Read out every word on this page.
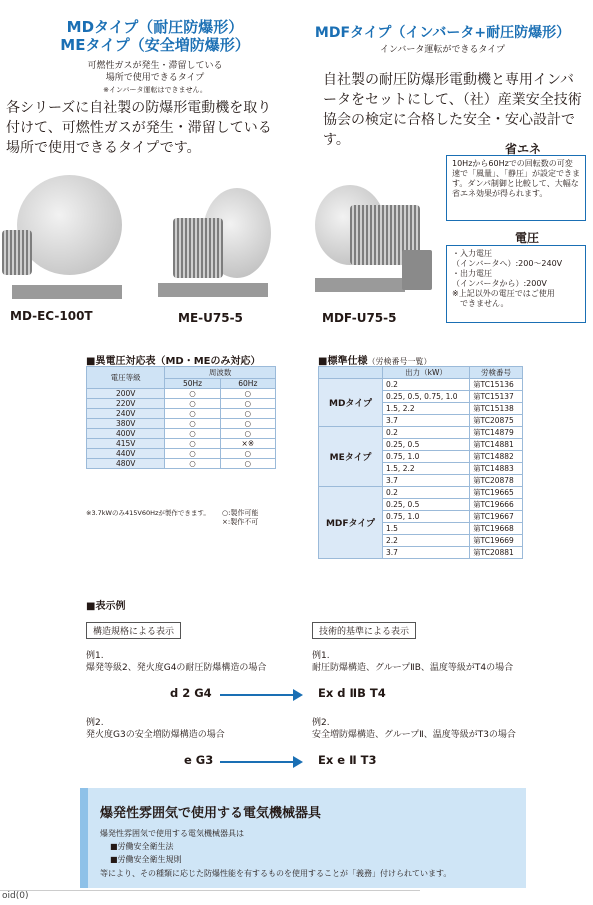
MDタイプ（耐圧防爆形）
MEタイプ（安全増防爆形）
可燃性ガスが発生・滞留している
場所で使用できるタイプ
※インバータ運転はできません。
各シリーズに自社製の防爆形電動機を取り付けて、可燃性ガスが発生・滞留している場所で使用できるタイプです。
MDFタイプ（インバータ+耐圧防爆形）
インバータ運転ができるタイプ
自社製の耐圧防爆形電動機と専用インバータをセットにして、（社）産業安全技術協会の検定に合格した安全・安心設計です。
MD-EC-100T	ME-U75-5	MDF-U75-5
省エネ
10Hzから60Hzでの回転数の可変速で「風量」、「静圧」が設定できます。ダンパ制御と比較して、大幅な省エネ効果が得られます。
電圧
・入力電圧
（インバータへ）:200〜240V
・出力電圧
（インバータから）:200V
※上記以外の電圧ではご使用
できません。
■異電圧対応表（MD・MEのみ対応）
電圧等級	周波数	
	50Hz	60Hz
200V	○	○
220V	○	○
240V	○	○
380V	○	○
400V	○	○
415V	○	×※
440V	○	○
480V	○	○
※3.7kWのみ415V60Hzが製作できます。 ○:製作可能
×:製作不可
■標準仕様（労検番号一覧）
	出力（kW）	労検番号
MDタイプ	0.2	第TC15136
	0.25, 0.5, 0.75, 1.0	第TC15137
	1.5, 2.2	第TC15138
	3.7	第TC20875
MEタイプ	0.2	第TC14879
	0.25, 0.5	第TC14881
	0.75, 1.0	第TC14882
	1.5, 2.2	第TC14883
	3.7	第TC20878
MDFタイプ	0.2	第TC19665
	0.25, 0.5	第TC19666
	0.75, 1.0	第TC19667
	1.5	第TC19668
	2.2	第TC19669
	3.7	第TC20881
■表示例
構造規格による表示	技術的基準による表示
例1.
爆発等級2、発火度G4の耐圧防爆構造の場合
例1.
耐圧防爆構造、グループⅡB、温度等級がT4の場合
d 2 G4	Ex d ⅡB T4
例2.
発火度G3の安全増防爆構造の場合
例2.
安全増防爆構造、グループⅡ、温度等級がT3の場合
e G3	Ex e Ⅱ T3
爆発性雰囲気で使用する電気機械器具
爆発性雰囲気で使用する電気機械器具は
■労働安全衛生法
■労働安全衛生規則
等により、その種類に応じた防爆性能を有するものを使用することが「義務」付けられています。
oid(0)
